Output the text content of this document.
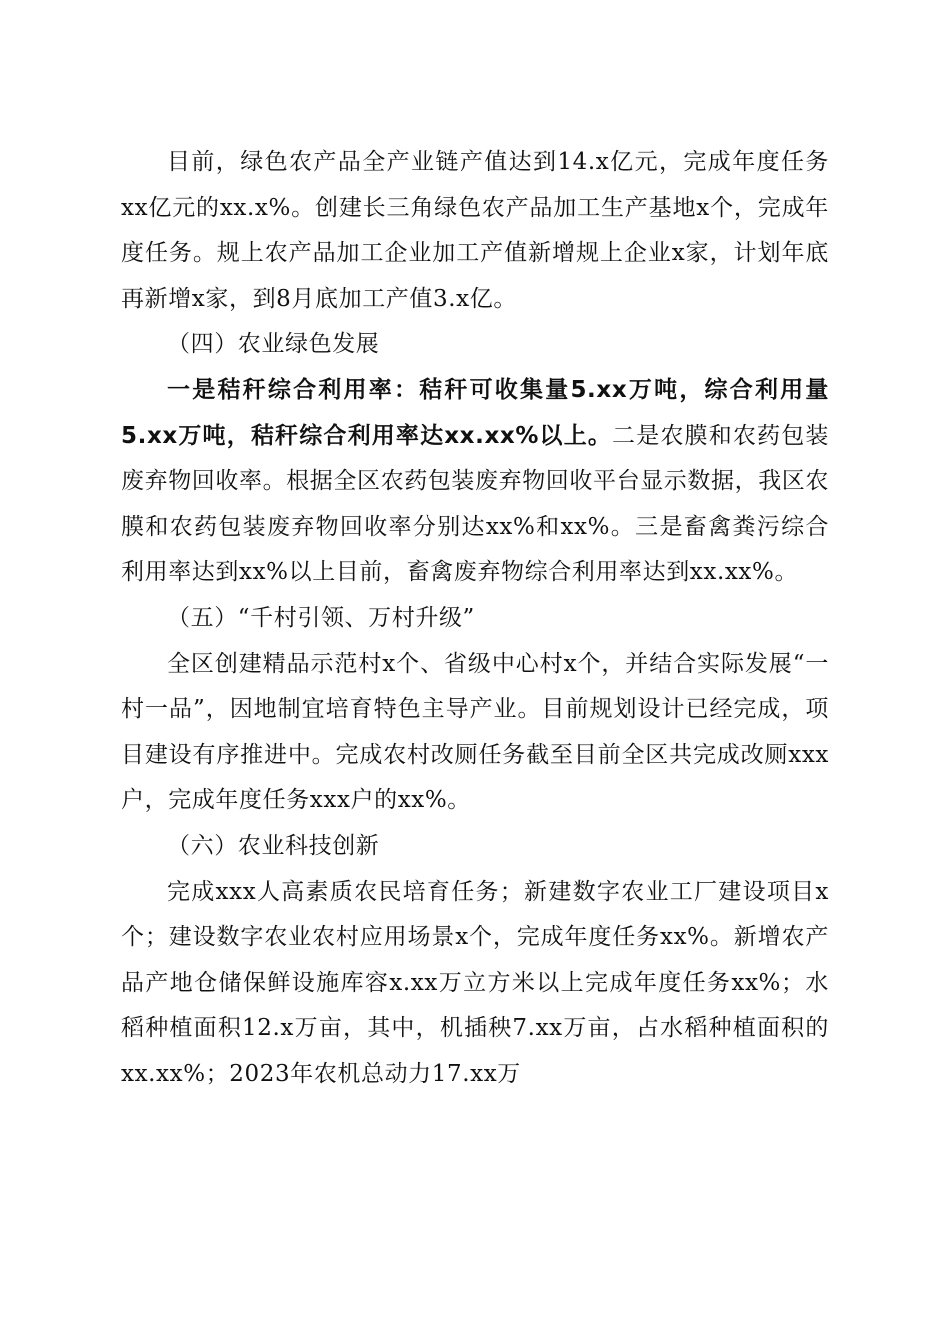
目前，绿色农产品全产业链产值达到14.x亿元，完成年度任务xx亿元的xx.x%。创建长三角绿色农产品加工生产基地x个，完成年度任务。规上农产品加工企业加工产值新增规上企业x家，计划年底再新增x家，到8月底加工产值3.x亿。

（四）农业绿色发展

一是秸秆综合利用率：秸秆可收集量5.xx万吨，综合利用量5.xx万吨，秸秆综合利用率达xx.xx%以上。二是农膜和农药包装废弃物回收率。根据全区农药包装废弃物回收平台显示数据，我区农膜和农药包装废弃物回收率分别达xx%和xx%。三是畜禽粪污综合利用率达到xx%以上目前，畜禽废弃物综合利用率达到xx.xx%。

（五）“千村引领、万村升级”

全区创建精品示范村x个、省级中心村x个，并结合实际发展“一村一品”，因地制宜培育特色主导产业。目前规划设计已经完成，项目建设有序推进中。完成农村改厕任务截至目前全区共完成改厕xxx户，完成年度任务xxx户的xx%。

（六）农业科技创新

完成xxx人高素质农民培育任务；新建数字农业工厂建设项目x个；建设数字农业农村应用场景x个，完成年度任务xx%。新增农产品产地仓储保鲜设施库容x.xx万立方米以上完成年度任务xx%；水稻种植面积12.x万亩，其中，机插秧7.xx万亩，占水稻种植面积的xx.xx%；2023年农机总动力17.xx万
